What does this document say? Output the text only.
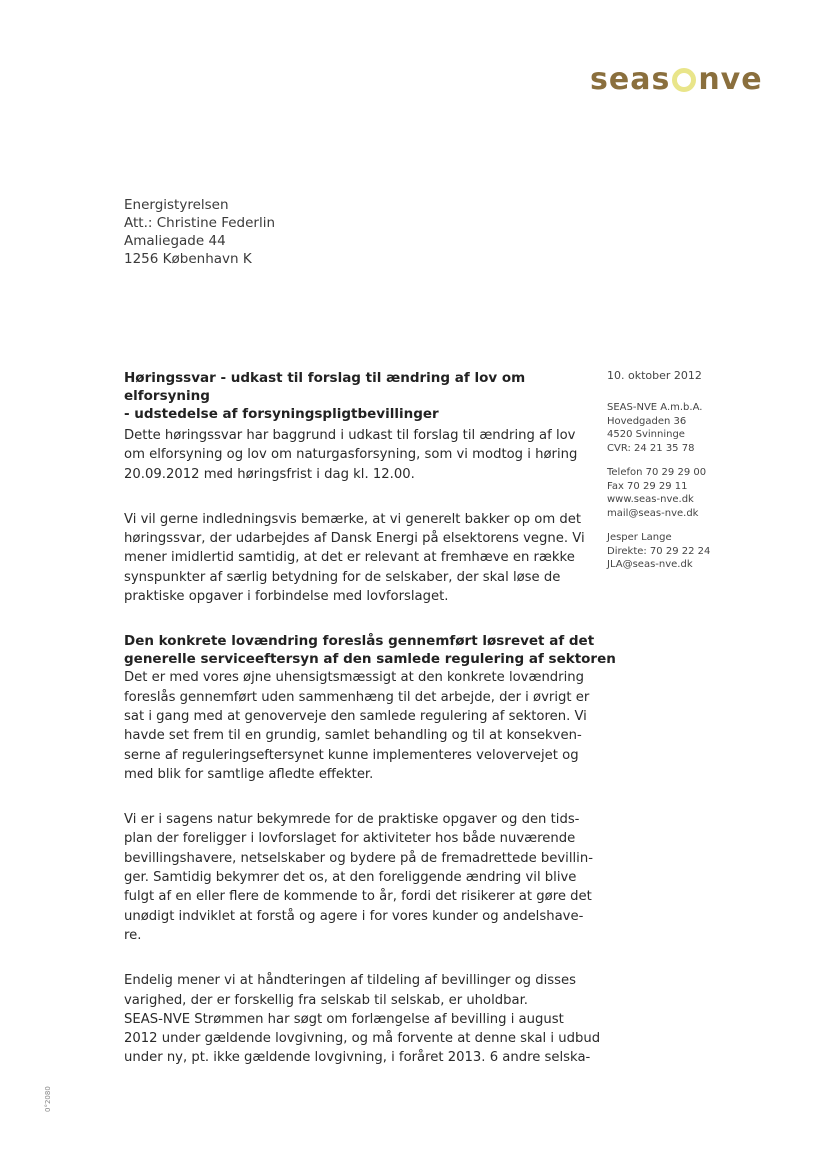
seas nve
Energistyrelsen
Att.: Christine Federlin
Amaliegade 44
1256 København K
Høringssvar - udkast til forslag til ændring af lov om elforsyning
- udstedelse af forsyningspligtbevillinger
10. oktober 2012
SEAS-NVE A.m.b.A.
Hovedgaden 36
4520 Svinninge
CVR: 24 21 35 78
Telefon 70 29 29 00
Fax 70 29 29 11
www.seas-nve.dk
mail@seas-nve.dk
Jesper Lange
Direkte: 70 29 22 24
JLA@seas-nve.dk

Dette høringssvar har baggrund i udkast til forslag til ændring af lov
om elforsyning og lov om naturgasforsyning, som vi modtog i høring
20.09.2012 med høringsfrist i dag kl. 12.00.

Vi vil gerne indledningsvis bemærke, at vi generelt bakker op om det
høringssvar, der udarbejdes af Dansk Energi på elsektorens vegne. Vi
mener imidlertid samtidig, at det er relevant at fremhæve en række
synspunkter af særlig betydning for de selskaber, der skal løse de
praktiske opgaver i forbindelse med lovforslaget.

Den konkrete lovændring foreslås gennemført løsrevet af det
generelle serviceeftersyn af den samlede regulering af sektoren

Det er med vores øjne uhensigtsmæssigt at den konkrete lovændring
foreslås gennemført uden sammenhæng til det arbejde, der i øvrigt er
sat i gang med at genoverveje den samlede regulering af sektoren. Vi
havde set frem til en grundig, samlet behandling og til at konsekven-
serne af reguleringseftersynet kunne implementeres velovervejet og
med blik for samtlige afledte effekter.

Vi er i sagens natur bekymrede for de praktiske opgaver og den tids-
plan der foreligger i lovforslaget for aktiviteter hos både nuværende
bevillingshavere, netselskaber og bydere på de fremadrettede bevillin-
ger. Samtidig bekymrer det os, at den foreliggende ændring vil blive
fulgt af en eller flere de kommende to år, fordi det risikerer at gøre det
unødigt indviklet at forstå og agere i for vores kunder og andelshave-
re.

Endelig mener vi at håndteringen af tildeling af bevillinger og disses
varighed, der er forskellig fra selskab til selskab, er uholdbar.
SEAS-NVE Strømmen har søgt om forlængelse af bevilling i august
2012 under gældende lovgivning, og må forvente at denne skal i udbud
under ny, pt. ikke gældende lovgivning, i foråret 2013. 6 andre selska-

0°2080
